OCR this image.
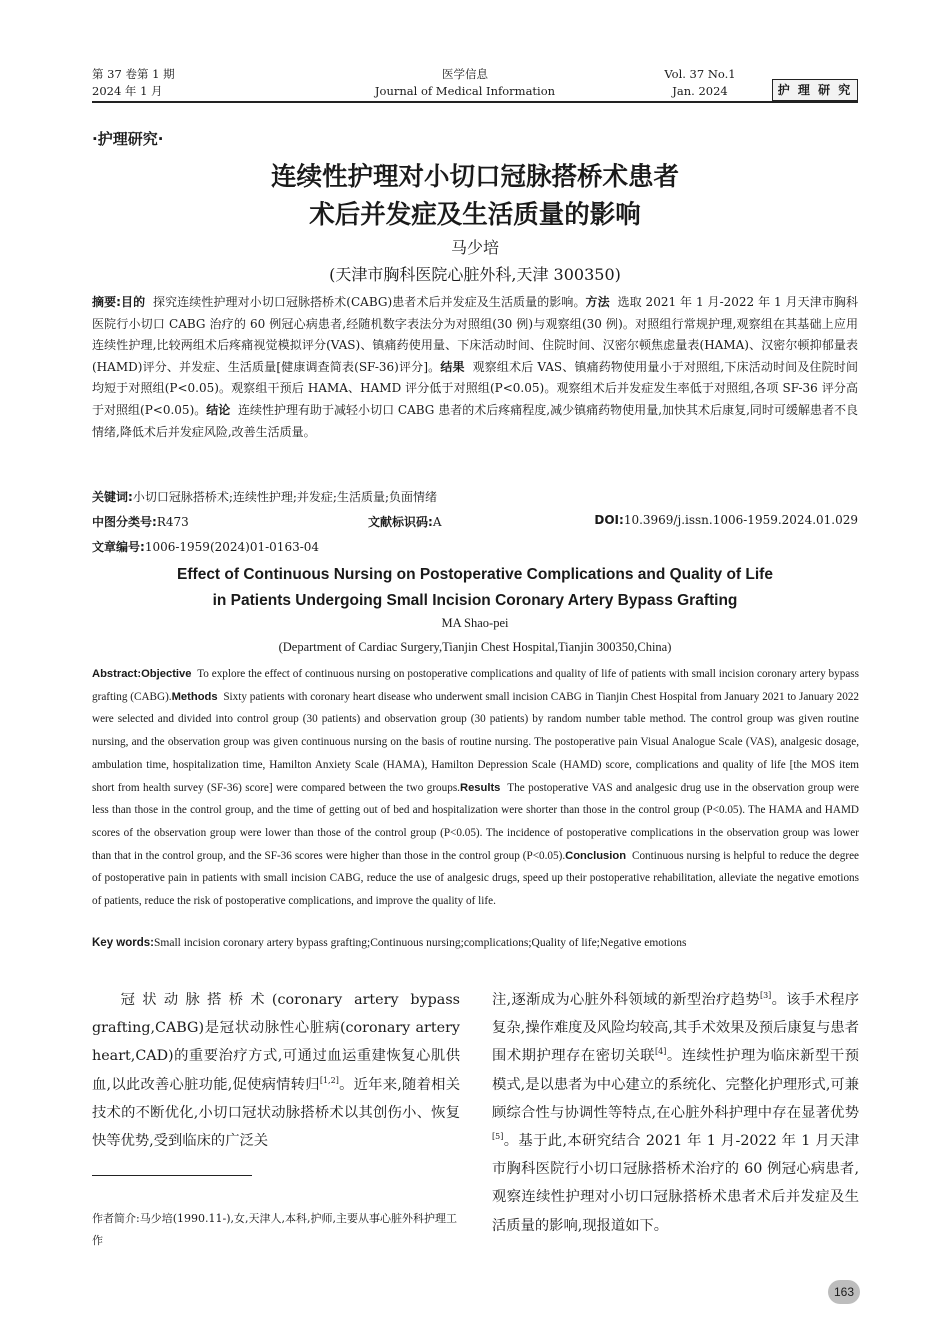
第 37 卷第 1 期
2024 年 1 月
医学信息
Journal of Medical Information
Vol. 37 No.1
Jan. 2024	护 理 研 究
·护理研究·
连续性护理对小切口冠脉搭桥术患者
术后并发症及生活质量的影响
马少培
(天津市胸科医院心脏外科,天津 300350)
摘要:目的 探究连续性护理对小切口冠脉搭桥术(CABG)患者术后并发症及生活质量的影响。方法 选取 2021 年 1 月-2022 年 1 月天津市胸科医院行小切口 CABG 治疗的 60 例冠心病患者,经随机数字表法分为对照组(30 例)与观察组(30 例)。对照组行常规护理,观察组在其基础上应用连续性护理,比较两组术后疼痛视觉模拟评分(VAS)、镇痛药使用量、下床活动时间、住院时间、汉密尔顿焦虑量表(HAMA)、汉密尔顿抑郁量表(HAMD)评分、并发症、生活质量[健康调查简表(SF-36)评分]。结果 观察组术后 VAS、镇痛药物使用量小于对照组,下床活动时间及住院时间均短于对照组(P<0.05)。观察组干预后 HAMA、HAMD 评分低于对照组(P<0.05)。观察组术后并发症发生率低于对照组,各项 SF-36 评分高于对照组(P<0.05)。结论 连续性护理有助于减轻小切口 CABG 患者的术后疼痛程度,减少镇痛药物使用量,加快其术后康复,同时可缓解患者不良情绪,降低术后并发症风险,改善生活质量。
关键词:小切口冠脉搭桥术;连续性护理;并发症;生活质量;负面情绪
中图分类号:R473	文献标识码:A	DOI:10.3969/j.issn.1006-1959.2024.01.029
文章编号:1006-1959(2024)01-0163-04
Effect of Continuous Nursing on Postoperative Complications and Quality of Life
in Patients Undergoing Small Incision Coronary Artery Bypass Grafting
MA Shao-pei
(Department of Cardiac Surgery,Tianjin Chest Hospital,Tianjin 300350,China)
Abstract:Objective To explore the effect of continuous nursing on postoperative complications and quality of life of patients with small incision coronary artery bypass grafting (CABG).Methods Sixty patients with coronary heart disease who underwent small incision CABG in Tianjin Chest Hospital from January 2021 to January 2022 were selected and divided into control group (30 patients) and observation group (30 patients) by random number table method. The control group was given routine nursing, and the observation group was given continuous nursing on the basis of routine nursing. The postoperative pain Visual Analogue Scale (VAS), analgesic dosage, ambulation time, hospitalization time, Hamilton Anxiety Scale (HAMA), Hamilton Depression Scale (HAMD) score, complications and quality of life [the MOS item short from health survey (SF-36) score] were compared between the two groups.Results The postoperative VAS and analgesic drug use in the observation group were less than those in the control group, and the time of getting out of bed and hospitalization were shorter than those in the control group (P<0.05). The HAMA and HAMD scores of the observation group were lower than those of the control group (P<0.05). The incidence of postoperative complications in the observation group was lower than that in the control group, and the SF-36 scores were higher than those in the control group (P<0.05).Conclusion Continuous nursing is helpful to reduce the degree of postoperative pain in patients with small incision CABG, reduce the use of analgesic drugs, speed up their postoperative rehabilitation, alleviate the negative emotions of patients, reduce the risk of postoperative complications, and improve the quality of life.
Key words:Small incision coronary artery bypass grafting;Continuous nursing;complications;Quality of life;Negative emotions
冠状动脉搭桥术(coronary artery bypass grafting,CABG)是冠状动脉性心脏病(coronary artery heart,CAD)的重要治疗方式,可通过血运重建恢复心肌供血,以此改善心脏功能,促使病情转归[1,2]。近年来,随着相关技术的不断优化,小切口冠状动脉搭桥术以其创伤小、恢复快等优势,受到临床的广泛关
注,逐渐成为心脏外科领域的新型治疗趋势[3]。该手术程序复杂,操作难度及风险均较高,其手术效果及预后康复与患者围术期护理存在密切关联[4]。连续性护理为临床新型干预模式,是以患者为中心建立的系统化、完整化护理形式,可兼顾综合性与协调性等特点,在心脏外科护理中存在显著优势[5]。基于此,本研究结合 2021 年 1 月-2022 年 1 月天津市胸科医院行小切口冠脉搭桥术治疗的 60 例冠心病患者,观察连续性护理对小切口冠脉搭桥术患者术后并发症及生活质量的影响,现报道如下。
作者简介:马少培(1990.11-),女,天津人,本科,护师,主要从事心脏外科护理工作
163
